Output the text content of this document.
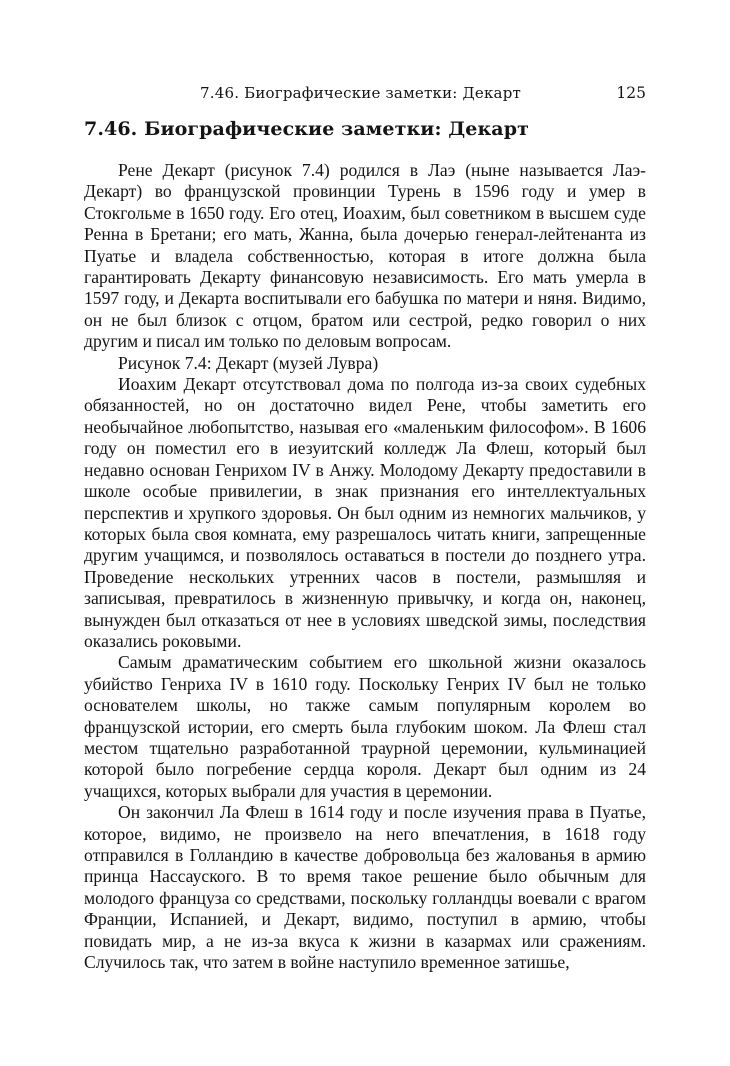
7.46. Биографические заметки: Декарт	125
7.46. Биографические заметки: Декарт

Рене Декарт (рисунок 7.4) родился в Лаэ (ныне называется Лаэ-Декарт) во французской провинции Турень в 1596 году и умер в Стокгольме в 1650 году. Его отец, Иоахим, был советником в высшем суде Ренна в Бретани; его мать, Жанна, была дочерью генерал-лейтенанта из Пуатье и владела собственностью, которая в итоге должна была гарантировать Декарту финансовую независимость. Его мать умерла в 1597 году, и Декарта воспитывали его бабушка по матери и няня. Видимо, он не был близок с отцом, братом или сестрой, редко говорил о них другим и писал им только по деловым вопросам.

Рисунок 7.4: Декарт (музей Лувра)

Иоахим Декарт отсутствовал дома по полгода из-за своих судебных обязанностей, но он достаточно видел Рене, чтобы заметить его необычайное любопытство, называя его «маленьким философом». В 1606 году он поместил его в иезуитский колледж Ла Флеш, который был недавно основан Генрихом IV в Анжу. Молодому Декарту предоставили в школе особые привилегии, в знак признания его интеллектуальных перспектив и хрупкого здоровья. Он был одним из немногих мальчиков, у которых была своя комната, ему разрешалось читать книги, запрещенные другим учащимся, и позволялось оставаться в постели до позднего утра. Проведение нескольких утренних часов в постели, размышляя и записывая, превратилось в жизненную привычку, и когда он, наконец, вынужден был отказаться от нее в условиях шведской зимы, последствия оказались роковыми.

Самым драматическим событием его школьной жизни оказалось убийство Генриха IV в 1610 году. Поскольку Генрих IV был не только основателем школы, но также самым популярным королем во французской истории, его смерть была глубоким шоком. Ла Флеш стал местом тщательно разработанной траурной церемонии, кульминацией которой было погребение сердца короля. Декарт был одним из 24 учащихся, которых выбрали для участия в церемонии.

Он закончил Ла Флеш в 1614 году и после изучения права в Пуатье, которое, видимо, не произвело на него впечатления, в 1618 году отправился в Голландию в качестве добровольца без жалованья в армию принца Нассауского. В то время такое решение было обычным для молодого француза со средствами, поскольку голландцы воевали с врагом Франции, Испанией, и Декарт, видимо, поступил в армию, чтобы повидать мир, а не из-за вкуса к жизни в казармах или сражениям. Случилось так, что затем в войне наступило временное затишье,
